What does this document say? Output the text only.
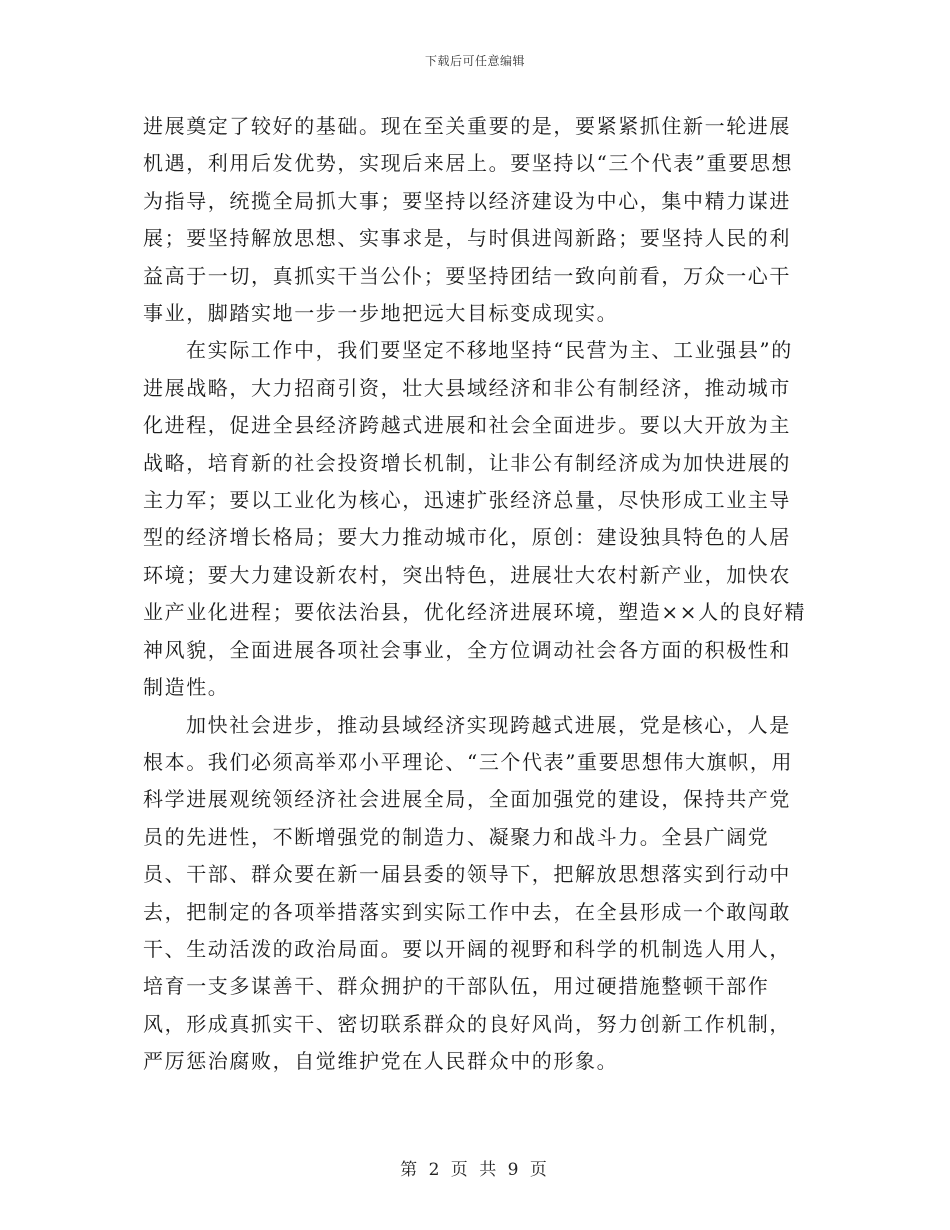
下载后可任意编辑

进展奠定了较好的基础。现在至关重要的是，要紧紧抓住新一轮进展机遇，利用后发优势，实现后来居上。要坚持以“三个代表”重要思想为指导，统揽全局抓大事；要坚持以经济建设为中心，集中精力谋进展；要坚持解放思想、实事求是，与时俱进闯新路；要坚持人民的利益高于一切，真抓实干当公仆；要坚持团结一致向前看，万众一心干事业，脚踏实地一步一步地把远大目标变成现实。

在实际工作中，我们要坚定不移地坚持“民营为主、工业强县”的进展战略，大力招商引资，壮大县域经济和非公有制经济，推动城市化进程，促进全县经济跨越式进展和社会全面进步。要以大开放为主战略，培育新的社会投资增长机制，让非公有制经济成为加快进展的主力军；要以工业化为核心，迅速扩张经济总量，尽快形成工业主导型的经济增长格局；要大力推动城市化，原创：建设独具特色的人居环境；要大力建设新农村，突出特色，进展壮大农村新产业，加快农业产业化进程；要依法治县，优化经济进展环境，塑造××人的良好精神风貌，全面进展各项社会事业，全方位调动社会各方面的积极性和制造性。

加快社会进步，推动县域经济实现跨越式进展，党是核心，人是根本。我们必须高举邓小平理论、“三个代表”重要思想伟大旗帜，用科学进展观统领经济社会进展全局，全面加强党的建设，保持共产党员的先进性，不断增强党的制造力、凝聚力和战斗力。全县广阔党员、干部、群众要在新一届县委的领导下，把解放思想落实到行动中去，把制定的各项举措落实到实际工作中去，在全县形成一个敢闯敢干、生动活泼的政治局面。要以开阔的视野和科学的机制选人用人，培育一支多谋善干、群众拥护的干部队伍，用过硬措施整顿干部作风，形成真抓实干、密切联系群众的良好风尚，努力创新工作机制，严厉惩治腐败，自觉维护党在人民群众中的形象。

第 2 页 共 9 页
